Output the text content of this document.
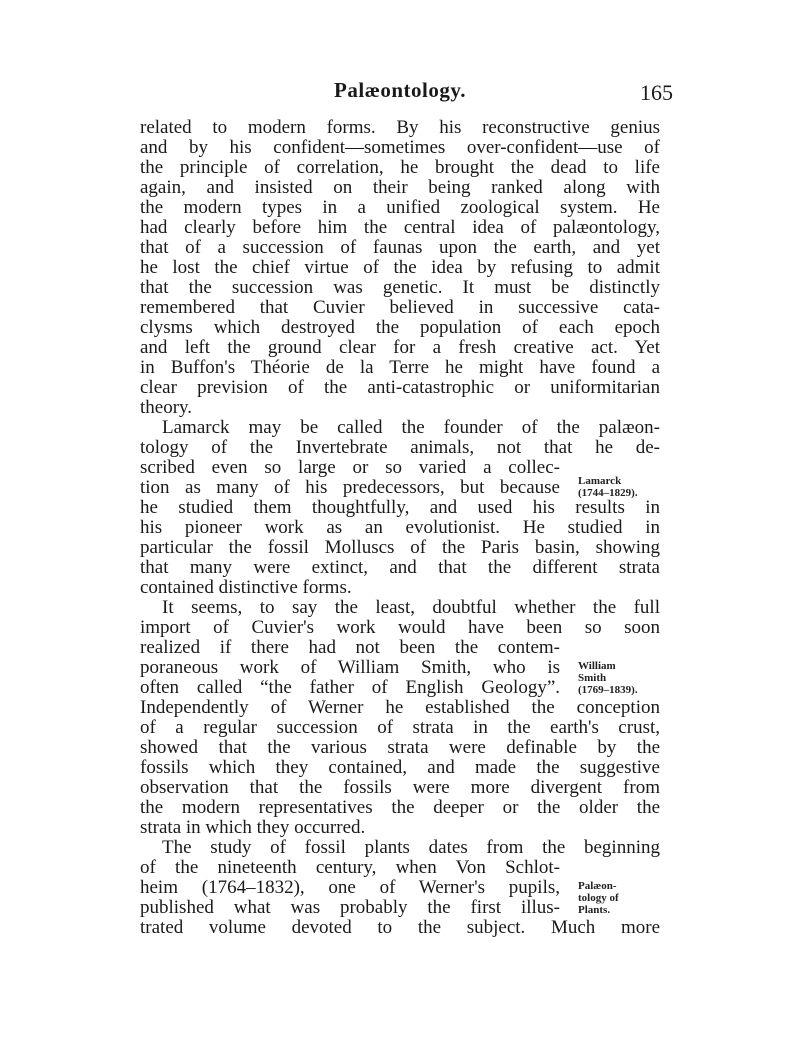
Palæontology.	165
related to modern forms. By his reconstructive genius
and by his confident—sometimes over-confident—use of
the principle of correlation, he brought the dead to life
again, and insisted on their being ranked along with
the modern types in a unified zoological system. He
had clearly before him the central idea of palæontology,
that of a succession of faunas upon the earth, and yet
he lost the chief virtue of the idea by refusing to admit
that the succession was genetic. It must be distinctly
remembered that Cuvier believed in successive cata-
clysms which destroyed the population of each epoch
and left the ground clear for a fresh creative act. Yet
in Buffon's Théorie de la Terre he might have found a
clear prevision of the anti-catastrophic or uniformitarian
theory.
Lamarck may be called the founder of the palæon-
tology of the Invertebrate animals, not that he de-
scribed even so large or so varied a collec-
tion as many of his predecessors, but because
he studied them thoughtfully, and used his results in
his pioneer work as an evolutionist. He studied in
particular the fossil Molluscs of the Paris basin, showing
that many were extinct, and that the different strata
contained distinctive forms.
It seems, to say the least, doubtful whether the full
import of Cuvier's work would have been so soon
realized if there had not been the contem-
poraneous work of William Smith, who is
often called “the father of English Geology”.
Independently of Werner he established the conception
of a regular succession of strata in the earth's crust,
showed that the various strata were definable by the
fossils which they contained, and made the suggestive
observation that the fossils were more divergent from
the modern representatives the deeper or the older the
strata in which they occurred.
The study of fossil plants dates from the beginning
of the nineteenth century, when Von Schlot-
heim (1764–1832), one of Werner's pupils,
published what was probably the first illus-
trated volume devoted to the subject. Much more
Lamarck
(1744–1829).
William
Smith
(1769–1839).
Palæon-
tology of
Plants.
